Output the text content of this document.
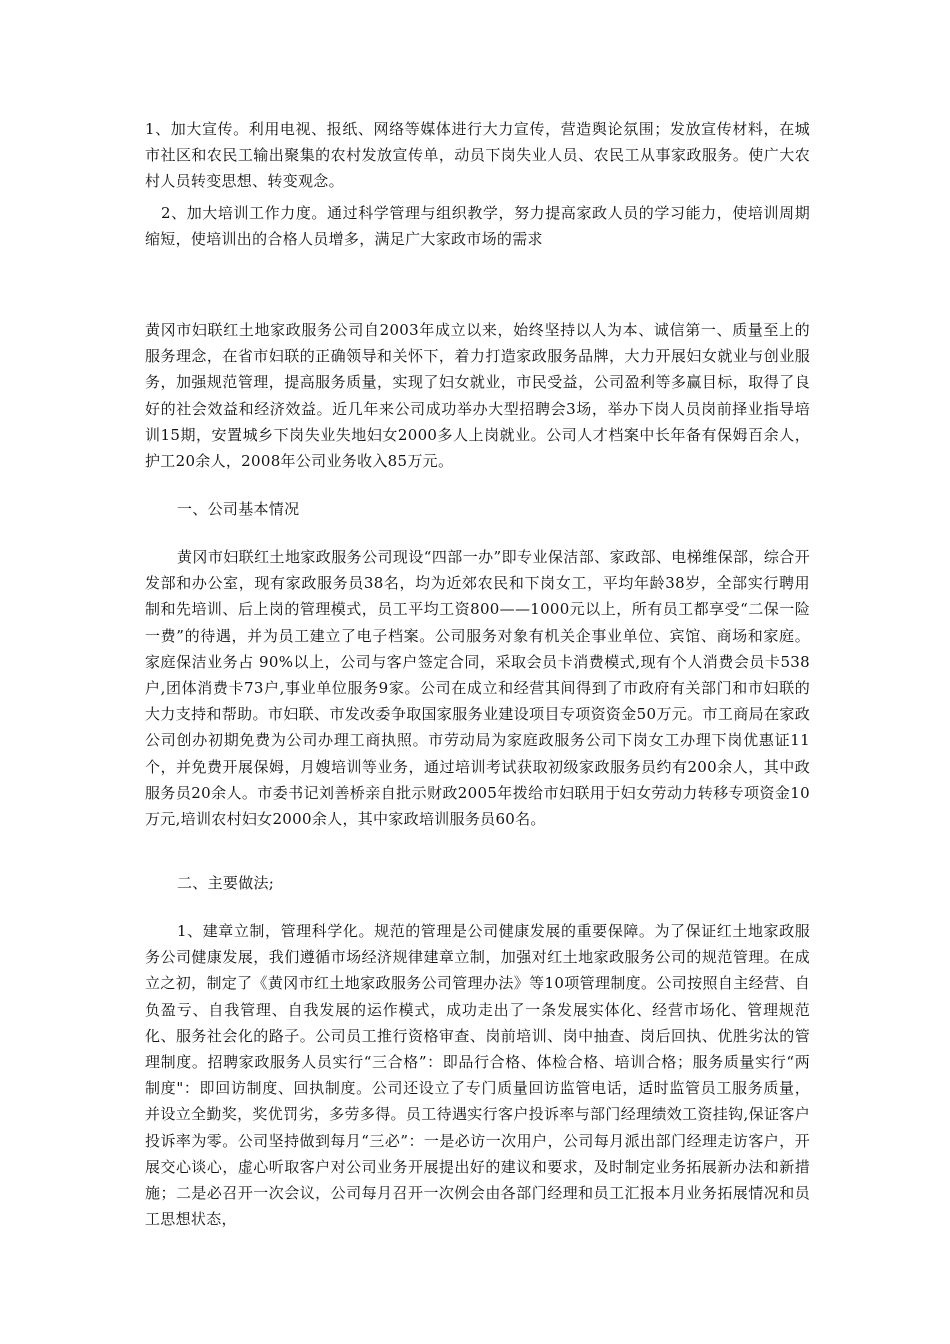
1、加大宣传。利用电视、报纸、网络等媒体进行大力宣传，营造舆论氛围；发放宣传材料，在城市社区和农民工输出聚集的农村发放宣传单，动员下岗失业人员、农民工从事家政服务。使广大农村人员转变思想、转变观念。

2、加大培训工作力度。通过科学管理与组织教学，努力提高家政人员的学习能力，使培训周期缩短，使培训出的合格人员增多，满足广大家政市场的需求

黄冈市妇联红土地家政服务公司自2003年成立以来，始终坚持以人为本、诚信第一、质量至上的服务理念，在省市妇联的正确领导和关怀下，着力打造家政服务品牌，大力开展妇女就业与创业服务，加强规范管理，提高服务质量，实现了妇女就业，市民受益，公司盈利等多赢目标，取得了良好的社会效益和经济效益。近几年来公司成功举办大型招聘会3场，举办下岗人员岗前择业指导培训15期，安置城乡下岗失业失地妇女2000多人上岗就业。公司人才档案中长年备有保姆百余人，护工20余人，2008年公司业务收入85万元。

一、公司基本情况

黄冈市妇联红土地家政服务公司现设“四部一办”即专业保洁部、家政部、电梯维保部，综合开发部和办公室，现有家政服务员38名，均为近郊农民和下岗女工，平均年龄38岁，全部实行聘用制和先培训、后上岗的管理模式，员工平均工资800——1000元以上，所有员工都享受“二保一险一费”的待遇，并为员工建立了电子档案。公司服务对象有机关企事业单位、宾馆、商场和家庭。家庭保洁业务占 90%以上，公司与客户签定合同，采取会员卡消费模式,现有个人消费会员卡538户,团体消费卡73户,事业单位服务9家。公司在成立和经营其间得到了市政府有关部门和市妇联的大力支持和帮助。市妇联、市发改委争取国家服务业建设项目专项资资金50万元。市工商局在家政公司创办初期免费为公司办理工商执照。市劳动局为家庭政服务公司下岗女工办理下岗优惠证11个，并免费开展保姆，月嫂培训等业务，通过培训考试获取初级家政服务员约有200余人，其中政服务员20余人。市委书记刘善桥亲自批示财政2005年拨给市妇联用于妇女劳动力转移专项资金10万元,培训农村妇女2000余人，其中家政培训服务员60名。

二、主要做法;

1、建章立制，管理科学化。规范的管理是公司健康发展的重要保障。为了保证红土地家政服务公司健康发展，我们遵循市场经济规律建章立制，加强对红土地家政服务公司的规范管理。在成立之初，制定了《黄冈市红土地家政服务公司管理办法》等10项管理制度。公司按照自主经营、自负盈亏、自我管理、自我发展的运作模式，成功走出了一条发展实体化、经营市场化、管理规范化、服务社会化的路子。公司员工推行资格审查、岗前培训、岗中抽查、岗后回执、优胜劣汰的管理制度。招聘家政服务人员实行“三合格”：即品行合格、体检合格、培训合格；服务质量实行“两制度"：即回访制度、回执制度。公司还设立了专门质量回访监管电话，适时监管员工服务质量，并设立全勤奖，奖优罚劣，多劳多得。员工待遇实行客户投诉率与部门经理绩效工资挂钩,保证客户投诉率为零。公司坚持做到每月“三必”：一是必访一次用户，公司每月派出部门经理走访客户，开展交心谈心，虚心听取客户对公司业务开展提出好的建议和要求，及时制定业务拓展新办法和新措施；二是必召开一次会议，公司每月召开一次例会由各部门经理和员工汇报本月业务拓展情况和员工思想状态，
